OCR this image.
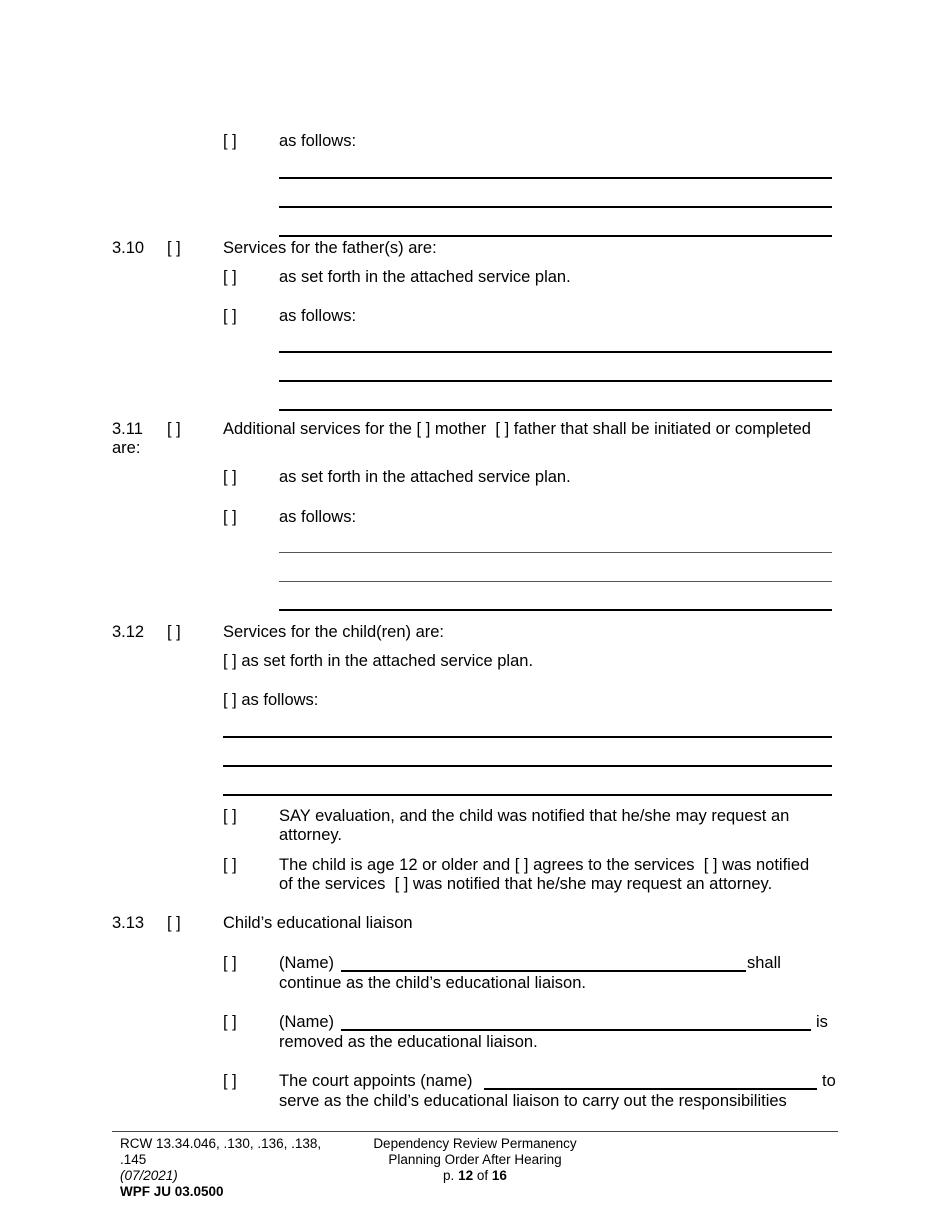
[ ]	as follows:
3.10 [ ]	Services for the father(s) are:
[ ]	as set forth in the attached service plan.
[ ]	as follows:
3.11 [ ]	Additional services for the [ ] mother [ ] father that shall be initiated or completed
are:
[ ]	as set forth in the attached service plan.
[ ]	as follows:
3.12 [ ]	Services for the child(ren) are:
[ ] as set forth in the attached service plan.
[ ] as follows:
[ ]	SAY evaluation, and the child was notified that he/she may request an
attorney.
[ ]	The child is age 12 or older and [ ] agrees to the services [ ] was notified
of the services [ ] was notified that he/she may request an attorney.
3.13 [ ]	Child’s educational liaison
[ ]	(Name)	shall
continue as the child’s educational liaison.
[ ]	(Name)	is
removed as the educational liaison.
[ ]	The court appoints (name)	to
serve as the child’s educational liaison to carry out the responsibilities
RCW 13.34.046, .130, .136, .138,
.145
(07/2021)
WPF JU 03.0500
Dependency Review Permanency
Planning Order After Hearing
p. 12 of 16
